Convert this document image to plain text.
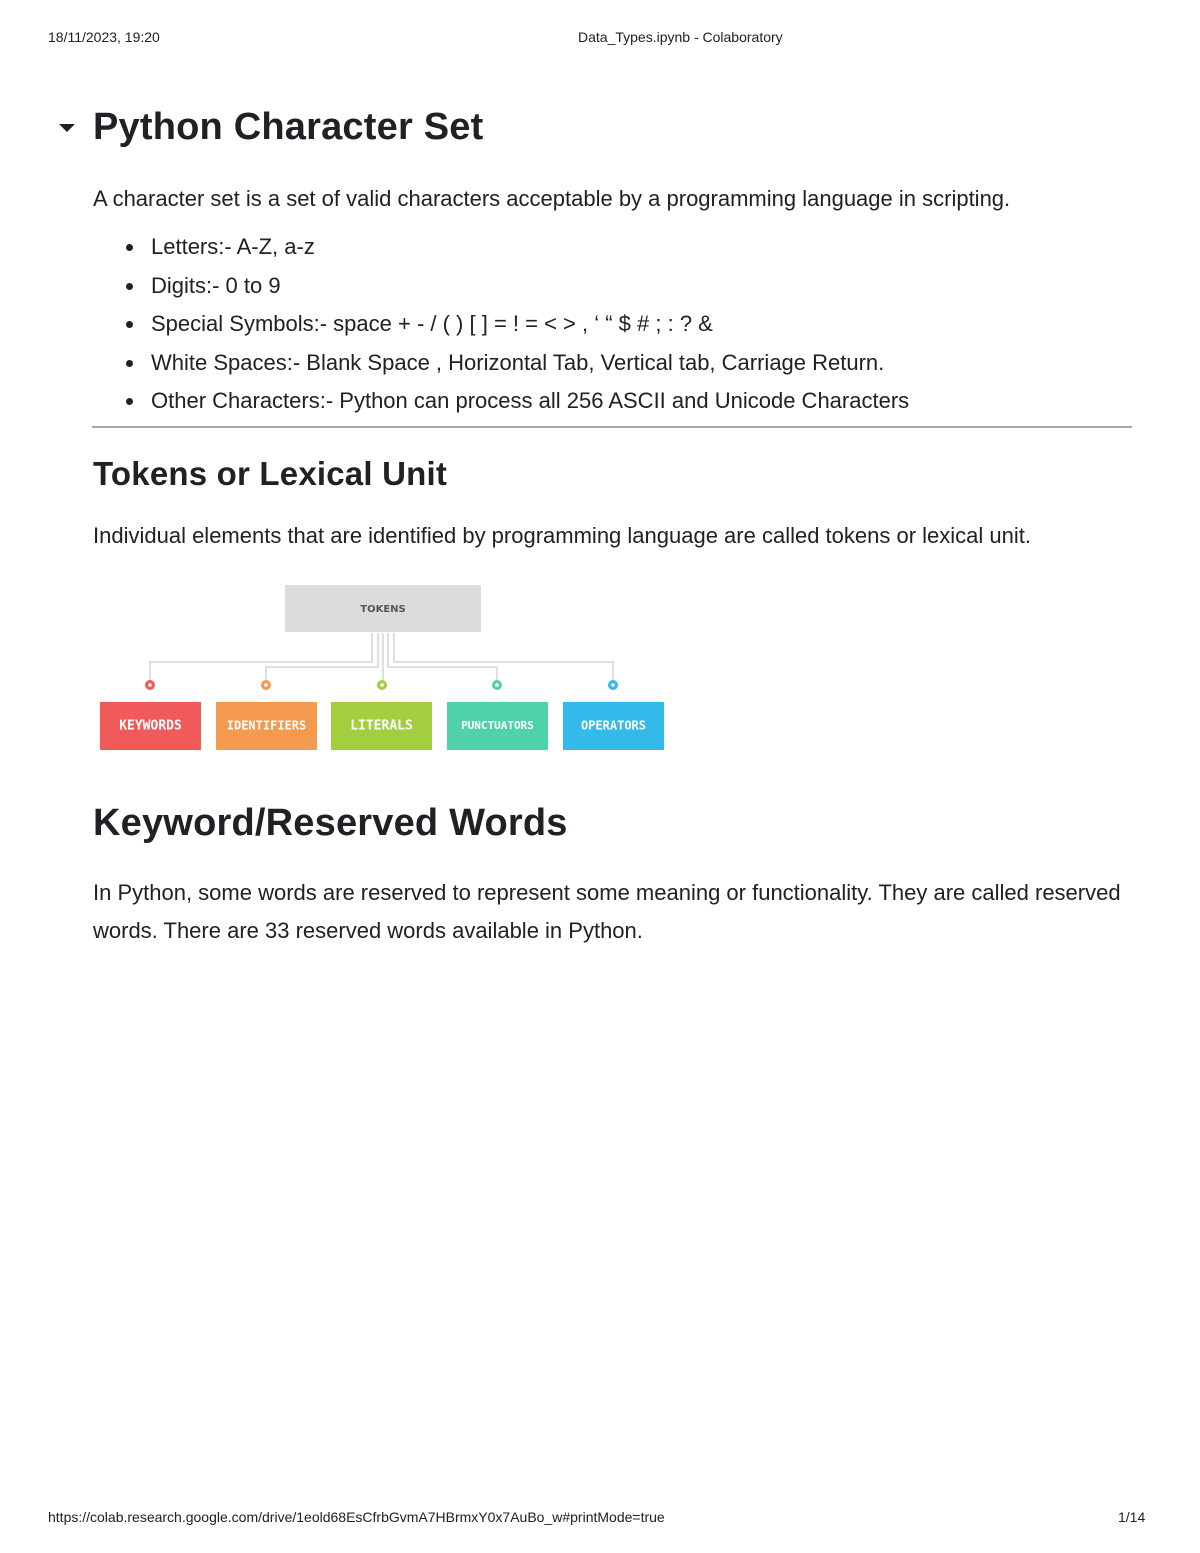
18/11/2023, 19:20	Data_Types.ipynb - Colaboratory
Python Character Set

A character set is a set of valid characters acceptable by a programming language in scripting.

Letters:- A-Z, a-z
Digits:- 0 to 9
Special Symbols:- space + - / ( ) [ ] = ! = < > , ‘ “ $ # ; : ? &
White Spaces:- Blank Space , Horizontal Tab, Vertical tab, Carriage Return.
Other Characters:- Python can process all 256 ASCII and Unicode Characters
Tokens or Lexical Unit

Individual elements that are identified by programming language are called tokens or lexical unit.

TOKENS
KEYWORDS	IDENTIFIERS	LITERALS	PUNCTUATORS	OPERATORS
Keyword/Reserved Words

In Python, some words are reserved to represent some meaning or functionality. They are called reserved words. There are 33 reserved words available in Python.

https://colab.research.google.com/drive/1eold68EsCfrbGvmA7HBrmxY0x7AuBo_w#printMode=true	1/14
